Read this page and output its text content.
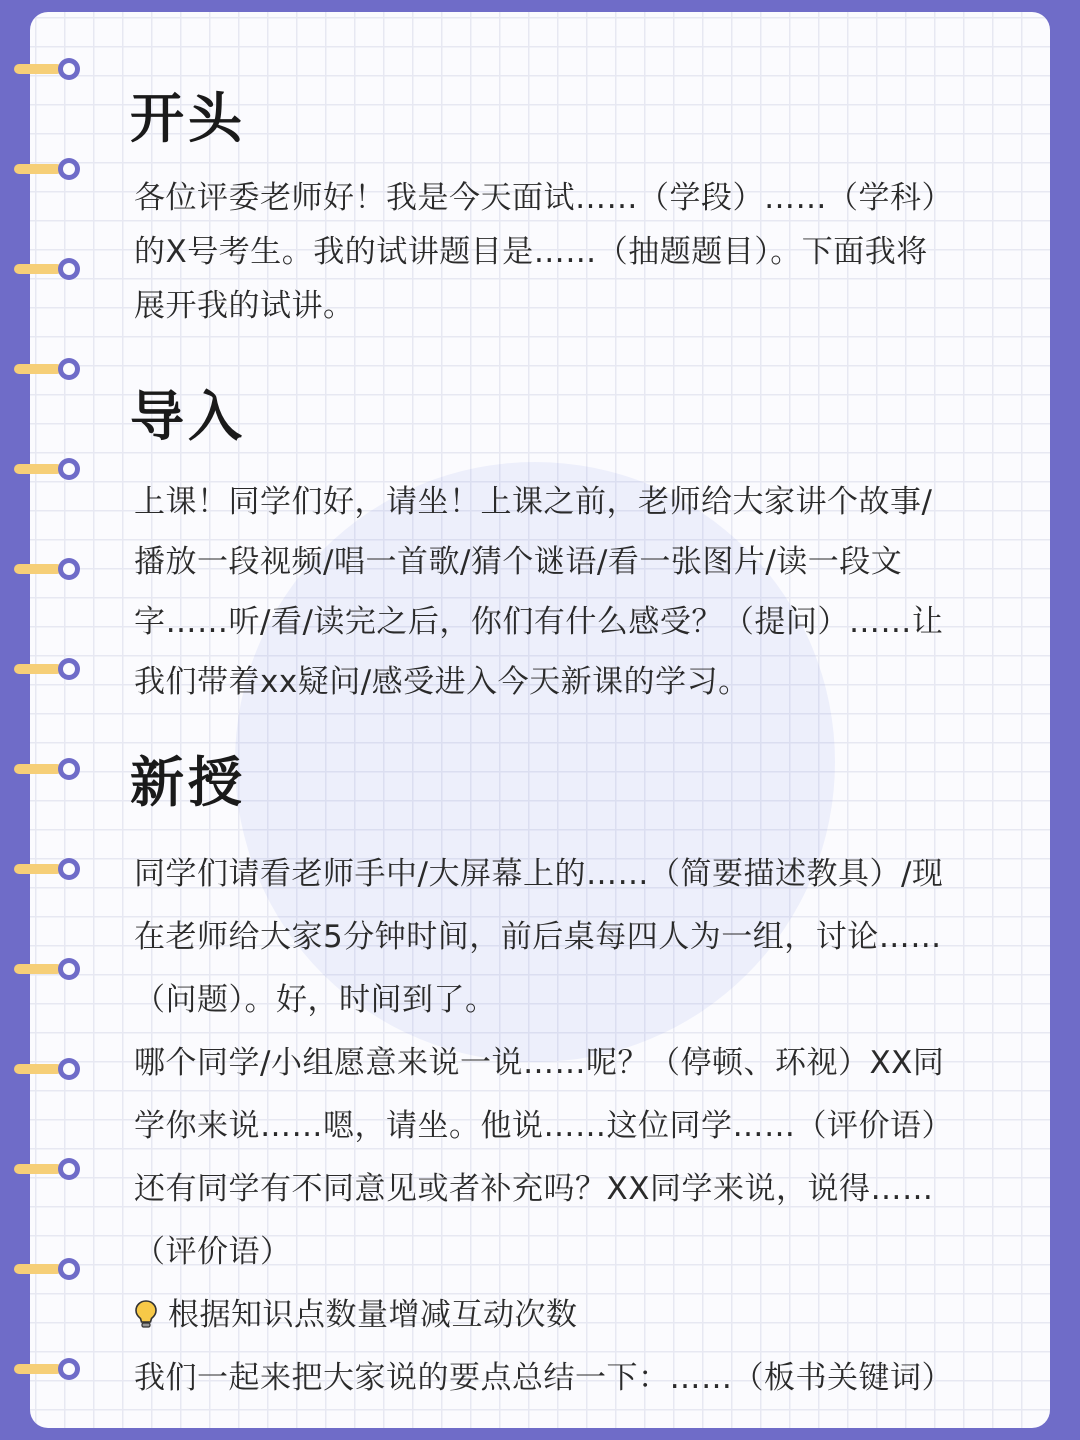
开头
各位评委老师好！我是今天面试……（学段）……（学科）
的X号考生。我的试讲题目是……（抽题题目）。下面我将
展开我的试讲。
导入
上课！同学们好，请坐！上课之前，老师给大家讲个故事/
播放一段视频/唱一首歌/猜个谜语/看一张图片/读一段文
字……听/看/读完之后，你们有什么感受？（提问）……让
我们带着xx疑问/感受进入今天新课的学习。
新授
同学们请看老师手中/大屏幕上的……（简要描述教具）/现
在老师给大家5分钟时间，前后桌每四人为一组，讨论……
（问题）。好，时间到了。
哪个同学/小组愿意来说一说……呢？（停顿、环视）XX同
学你来说……嗯，请坐。他说……这位同学……（评价语）
还有同学有不同意见或者补充吗？XX同学来说，说得……
（评价语）
根据知识点数量增减互动次数
我们一起来把大家说的要点总结一下：……（板书关键词）
